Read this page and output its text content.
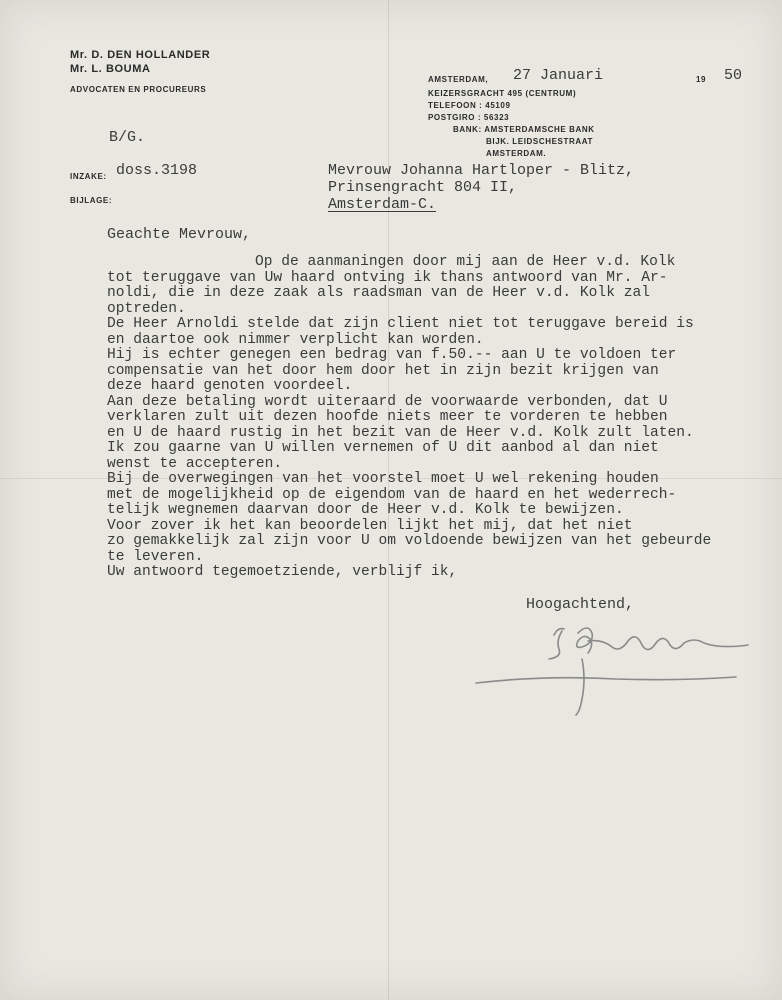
Mr. D. DEN HOLLANDER
Mr. L. BOUMA
ADVOCATEN EN PROCUREURS
AMSTERDAM, 27 Januari	19 50
KEIZERSGRACHT 495 (CENTRUM)
TELEFOON : 45109
POSTGIRO : 56323
BANK: AMSTERDAMSCHE BANK
BIJK. LEIDSCHESTRAAT
AMSTERDAM.
B/G.
INZAKE: doss.3198
BIJLAGE:
Mevrouw Johanna Hartloper - Blitz,
Prinsengracht 804 II,
Amsterdam-C.
Geachte Mevrouw,
Op de aanmaningen door mij aan de Heer v.d. Kolk
tot teruggave van Uw haard ontving ik thans antwoord van Mr. Ar-
noldi, die in deze zaak als raadsman van de Heer v.d. Kolk zal
optreden.
De Heer Arnoldi stelde dat zijn client niet tot teruggave bereid is
en daartoe ook nimmer verplicht kan worden.
Hij is echter genegen een bedrag van f.50.-- aan U te voldoen ter
compensatie van het door hem door het in zijn bezit krijgen van
deze haard genoten voordeel.
Aan deze betaling wordt uiteraard de voorwaarde verbonden, dat U
verklaren zult uit dezen hoofde niets meer te vorderen te hebben
en U de haard rustig in het bezit van de Heer v.d. Kolk zult laten.
Ik zou gaarne van U willen vernemen of U dit aanbod al dan niet
wenst te accepteren.
Bij de overwegingen van het voorstel moet U wel rekening houden
met de mogelijkheid op de eigendom van de haard en het wederrech-
telijk wegnemen daarvan door de Heer v.d. Kolk te bewijzen.
Voor zover ik het kan beoordelen lijkt het mij, dat het niet
zo gemakkelijk zal zijn voor U om voldoende bewijzen van het gebeurde
te leveren.
Uw antwoord tegemoetziende, verblijf ik,
Hoogachtend,
